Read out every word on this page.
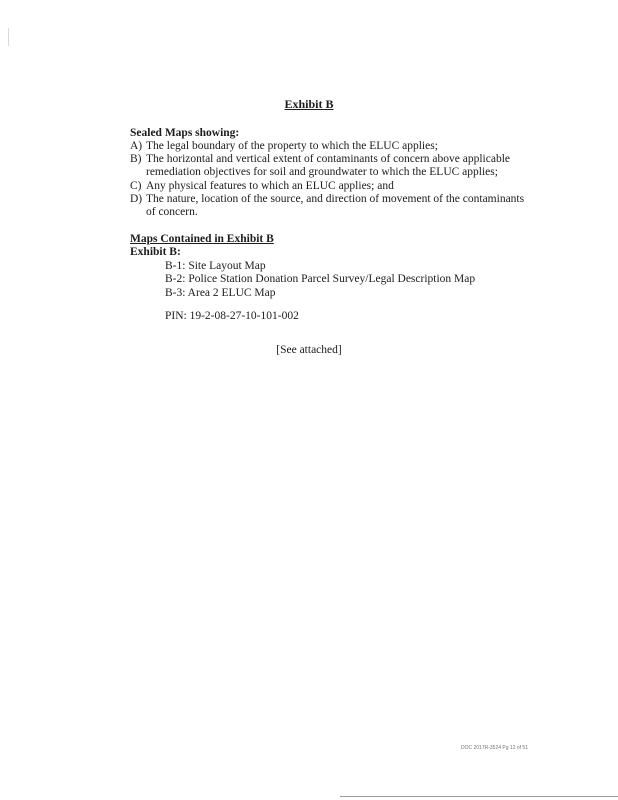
Exhibit B
Sealed Maps showing:
A) The legal boundary of the property to which the ELUC applies;
B) The horizontal and vertical extent of contaminants of concern above applicable remediation objectives for soil and groundwater to which the ELUC applies;
C) Any physical features to which an ELUC applies; and
D) The nature, location of the source, and direction of movement of the contaminants of concern.
Maps Contained in Exhibit B
Exhibit B:
B-1: Site Layout Map
B-2: Police Station Donation Parcel Survey/Legal Description Map
B-3: Area 2 ELUC Map
PIN: 19-2-08-27-10-101-002
[See attached]
DOC 2017R-3524 Pg 12 of 51
